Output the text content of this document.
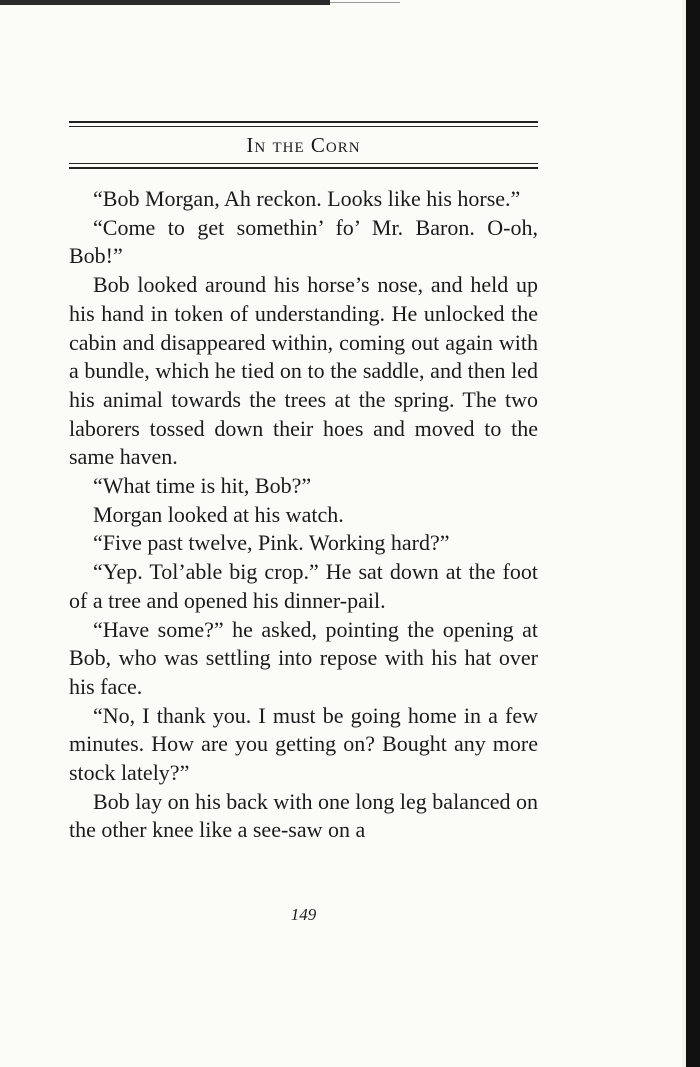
In the Corn

“Bob Morgan, Ah reckon. Looks like his horse.”

“Come to get somethin’ fo’ Mr. Baron. O-oh, Bob!”

Bob looked around his horse’s nose, and held up his hand in token of understanding. He unlocked the cabin and disappeared within, coming out again with a bundle, which he tied on to the saddle, and then led his animal towards the trees at the spring. The two laborers tossed down their hoes and moved to the same haven.

“What time is hit, Bob?”

Morgan looked at his watch.

“Five past twelve, Pink. Working hard?”

“Yep. Tol’able big crop.” He sat down at the foot of a tree and opened his dinner-pail.

“Have some?” he asked, pointing the opening at Bob, who was settling into repose with his hat over his face.

“No, I thank you. I must be going home in a few minutes. How are you getting on? Bought any more stock lately?”

Bob lay on his back with one long leg balanced on the other knee like a see-saw on a

149
